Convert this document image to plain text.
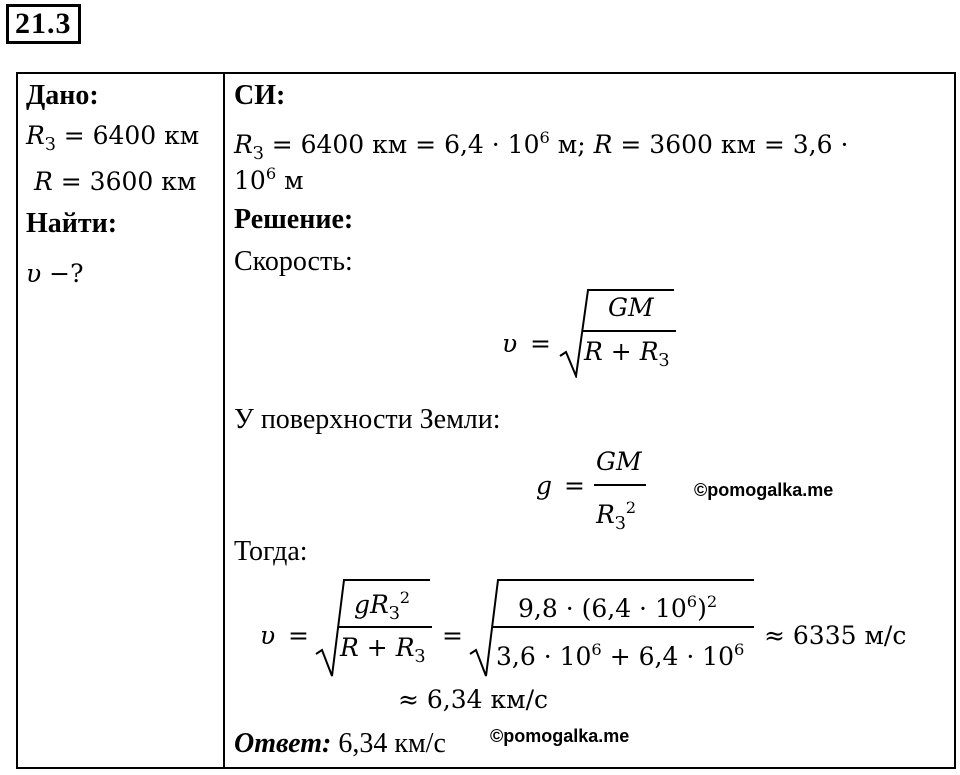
21.3
Дано:
$R_З = 6400$ км
R = 3600 км
Найти:
υ −?
СИ:
$R_З = 6400$ км = $6,4 \cdot 10^6$ м; R = 3600 км = 3,6 ·
$10^6$ м
Решение:
Скорость:
υ =
GM
$R + R_З$
У поверхности Земли:
g =
GM
$R_З^2$
©pomogalka.me
Тогда:
υ =
$gR_З^2$
$R + R_З$
=
$9,8 \cdot (6,4 \cdot 10^6)^2$
$3,6 \cdot 10^6 + 6,4 \cdot 10^6 \approx 6335$ м/с
≈ 6,34 км/с
Ответ: 6,34 км/с ©pomogalka.me
